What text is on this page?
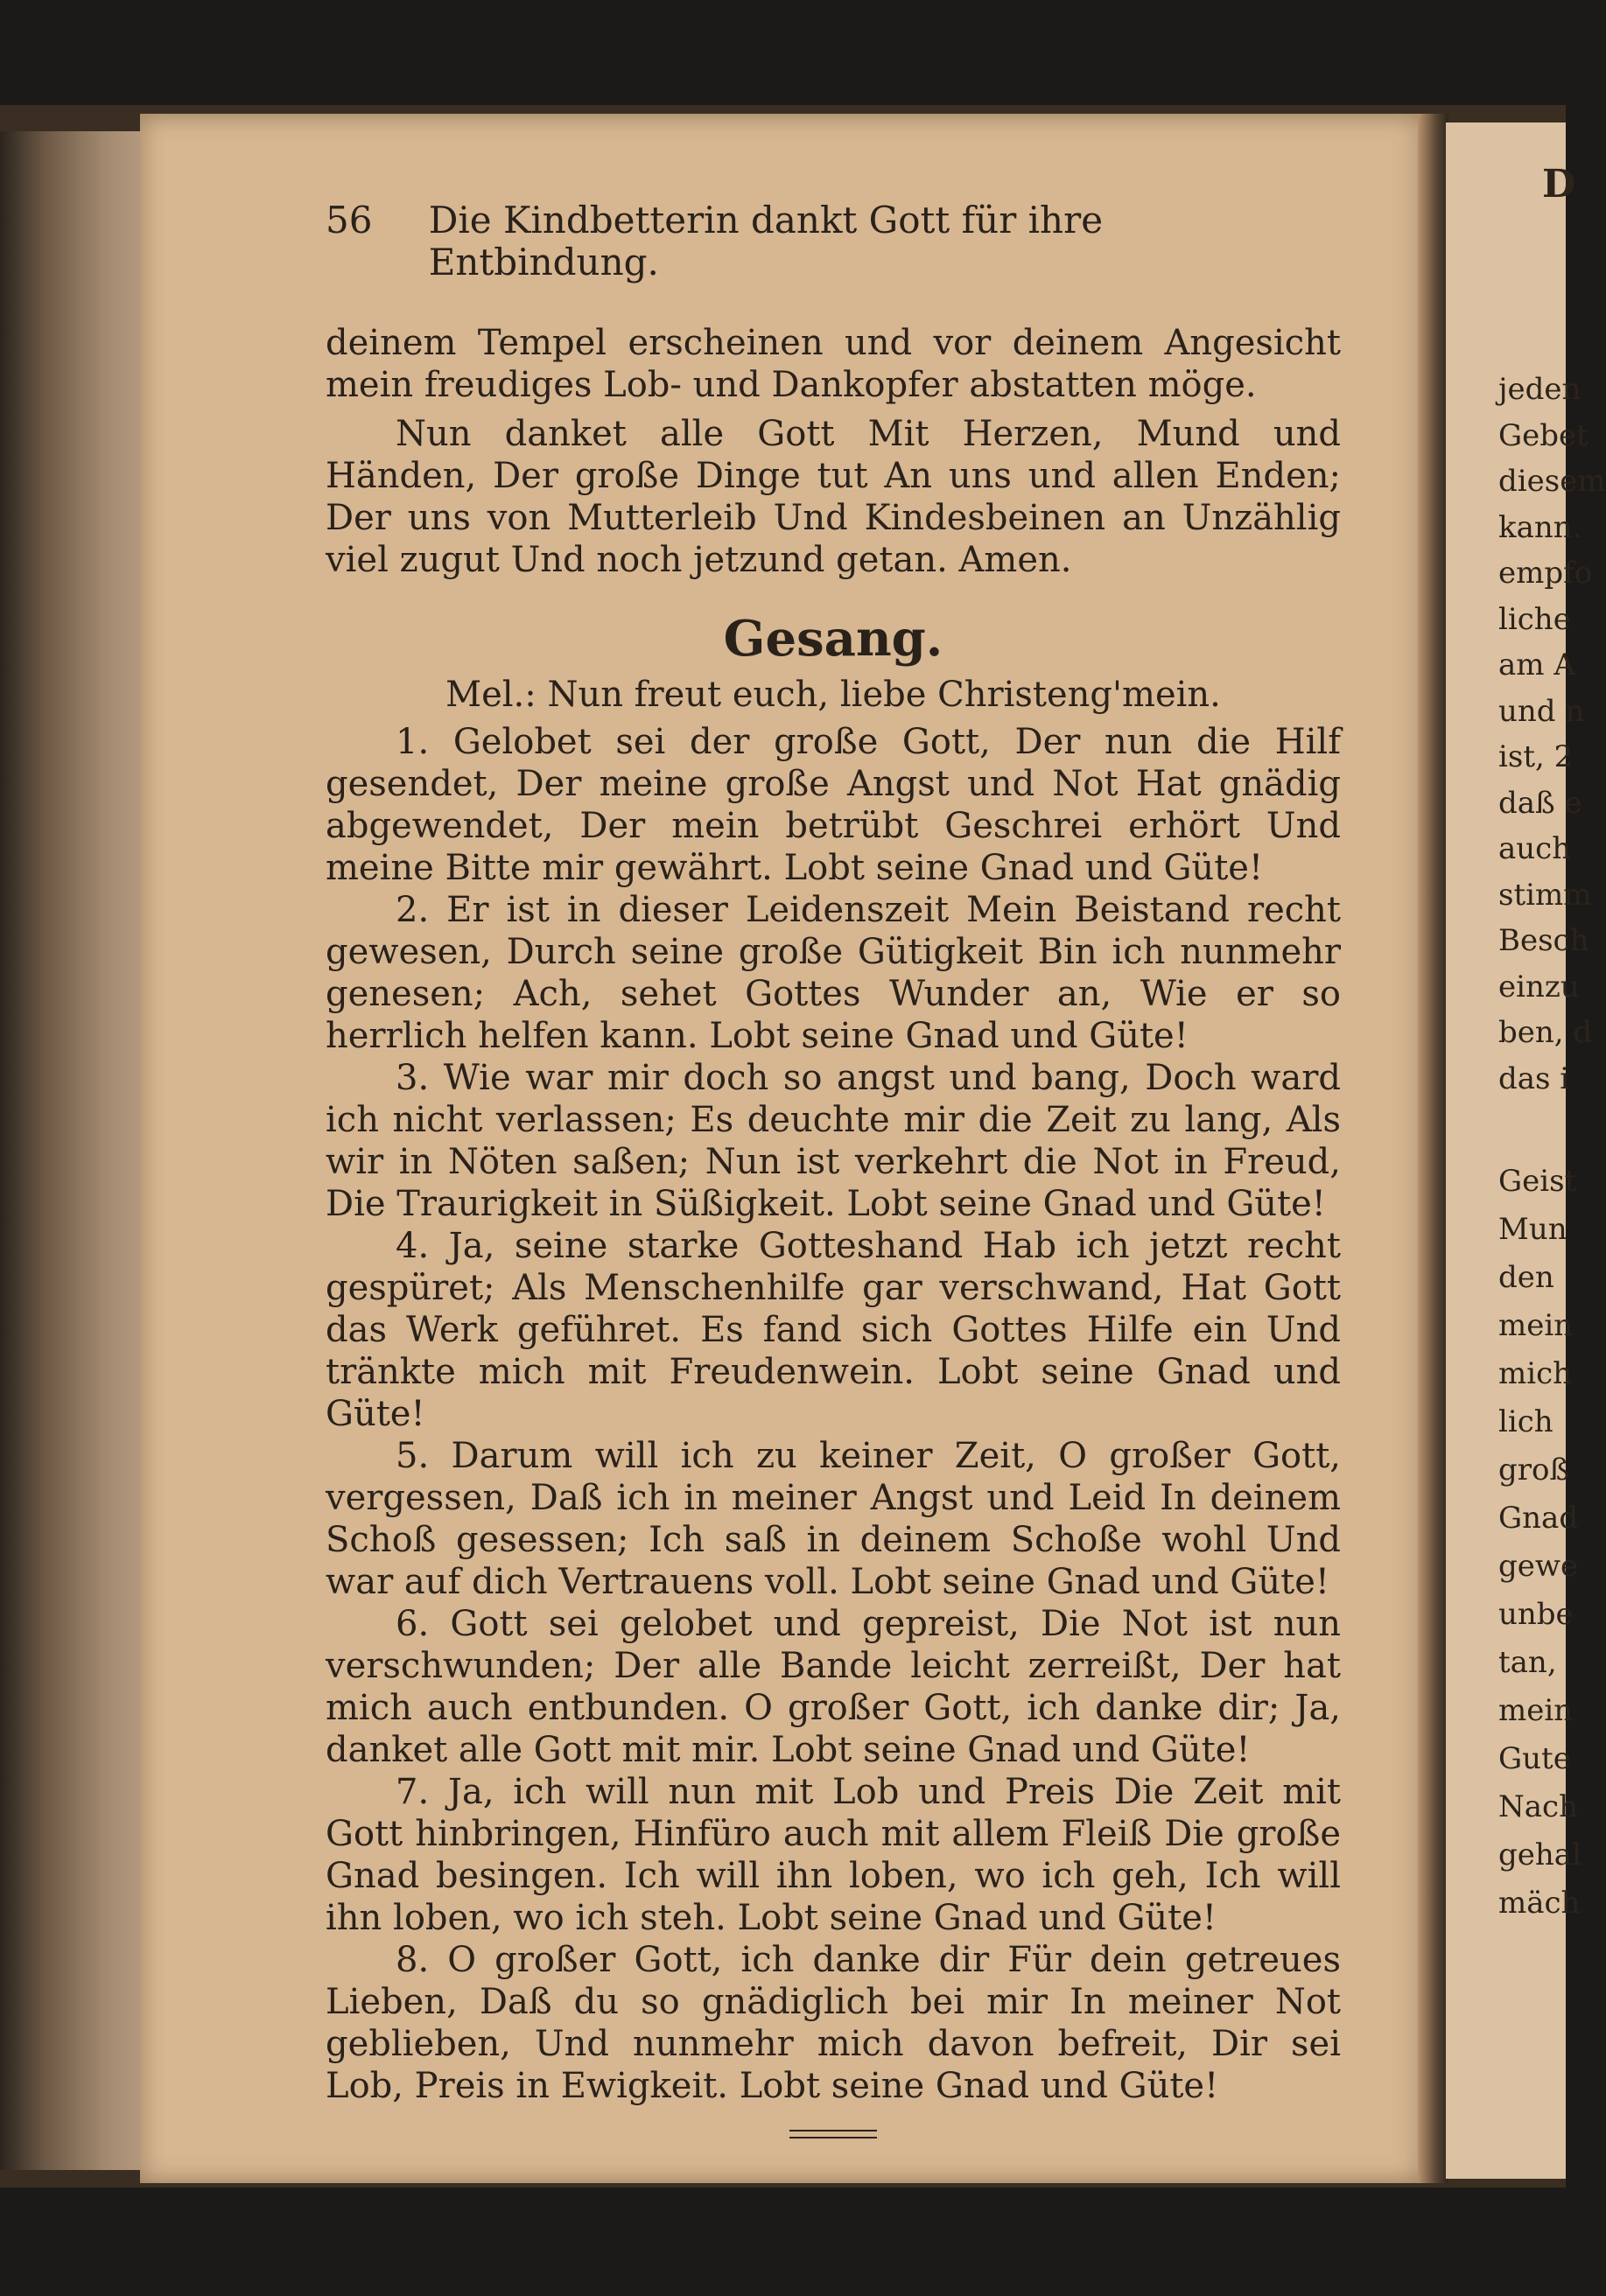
D
jeden
Gebet
diesem
kann.
empfo
liche
am A
und n
ist, 2
daß e
auch
stimm
Besch
einzu
ben, d
das i
Geist
Mun
den
mein
mich
lich
groß
Gnad
gewe
unbe
tan,
mein
Gute
Nach
gehal
mäch
56	Die Kindbetterin dankt Gott für ihre Entbindung.

deinem Tempel erscheinen und vor deinem Angesicht mein freudiges Lob- und Dankopfer abstatten möge.

Nun danket alle Gott Mit Herzen, Mund und Händen, Der große Dinge tut An uns und allen Enden; Der uns von Mutterleib Und Kindesbeinen an Unzählig viel zugut Und noch jetzund getan. Amen.

Gesang.
Mel.: Nun freut euch, liebe Christeng'mein.

1. Gelobet sei der große Gott, Der nun die Hilf gesendet, Der meine große Angst und Not Hat gnädig abgewendet, Der mein betrübt Geschrei erhört Und meine Bitte mir gewährt. Lobt seine Gnad und Güte!

2. Er ist in dieser Leidenszeit Mein Beistand recht gewesen, Durch seine große Gütigkeit Bin ich nunmehr genesen; Ach, sehet Gottes Wunder an, Wie er so herrlich helfen kann. Lobt seine Gnad und Güte!

3. Wie war mir doch so angst und bang, Doch ward ich nicht verlassen; Es deuchte mir die Zeit zu lang, Als wir in Nöten saßen; Nun ist verkehrt die Not in Freud, Die Traurigkeit in Süßigkeit. Lobt seine Gnad und Güte!

4. Ja, seine starke Gotteshand Hab ich jetzt recht gespüret; Als Menschenhilfe gar verschwand, Hat Gott das Werk geführet. Es fand sich Gottes Hilfe ein Und tränkte mich mit Freudenwein. Lobt seine Gnad und Güte!

5. Darum will ich zu keiner Zeit, O großer Gott, vergessen, Daß ich in meiner Angst und Leid In deinem Schoß gesessen; Ich saß in deinem Schoße wohl Und war auf dich Vertrauens voll. Lobt seine Gnad und Güte!

6. Gott sei gelobet und gepreist, Die Not ist nun verschwunden; Der alle Bande leicht zerreißt, Der hat mich auch entbunden. O großer Gott, ich danke dir; Ja, danket alle Gott mit mir. Lobt seine Gnad und Güte!

7. Ja, ich will nun mit Lob und Preis Die Zeit mit Gott hinbringen, Hinfüro auch mit allem Fleiß Die große Gnad besingen. Ich will ihn loben, wo ich geh, Ich will ihn loben, wo ich steh. Lobt seine Gnad und Güte!

8. O großer Gott, ich danke dir Für dein getreues Lieben, Daß du so gnädiglich bei mir In meiner Not geblieben, Und nunmehr mich davon befreit, Dir sei Lob, Preis in Ewigkeit. Lobt seine Gnad und Güte!
